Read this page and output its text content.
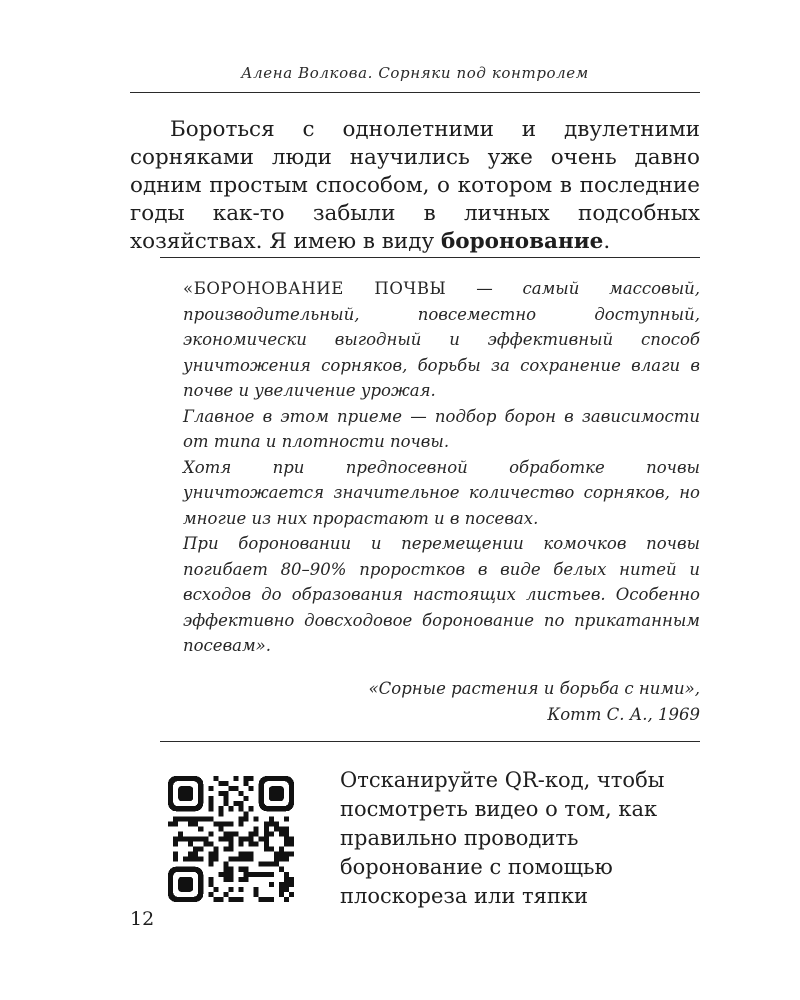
Алена Волкова. Сорняки под контролем

Бороться с однолетними и двулетними сорняками люди научились уже очень давно одним простым способом, о котором в последние годы как-то забыли в личных подсобных хозяйствах. Я имею в виду боронование.

«БОРОНОВАНИЕ ПОЧВЫ — самый массовый, производительный, повсеместно доступный, экономически выгодный и эффективный способ уничтожения сорняков, борьбы за сохранение влаги в почве и увеличение урожая.

Главное в этом приеме — подбор борон в зависимости от типа и плотности почвы.

Хотя при предпосевной обработке почвы уничтожается значительное количество сорняков, но многие из них прорастают и в посевах.

При бороновании и перемещении комочков почвы погибает 80–90% проростков в виде белых нитей и всходов до образования настоящих листьев. Особенно эффективно довсходовое боронование по прикатанным посевам».

«Сорные растения и борьба с ними»,
Котт С. А., 1969

Отсканируйте QR-код, чтобы посмотреть видео о том, как правильно проводить боронование с помощью плоскореза или тяпки

12
